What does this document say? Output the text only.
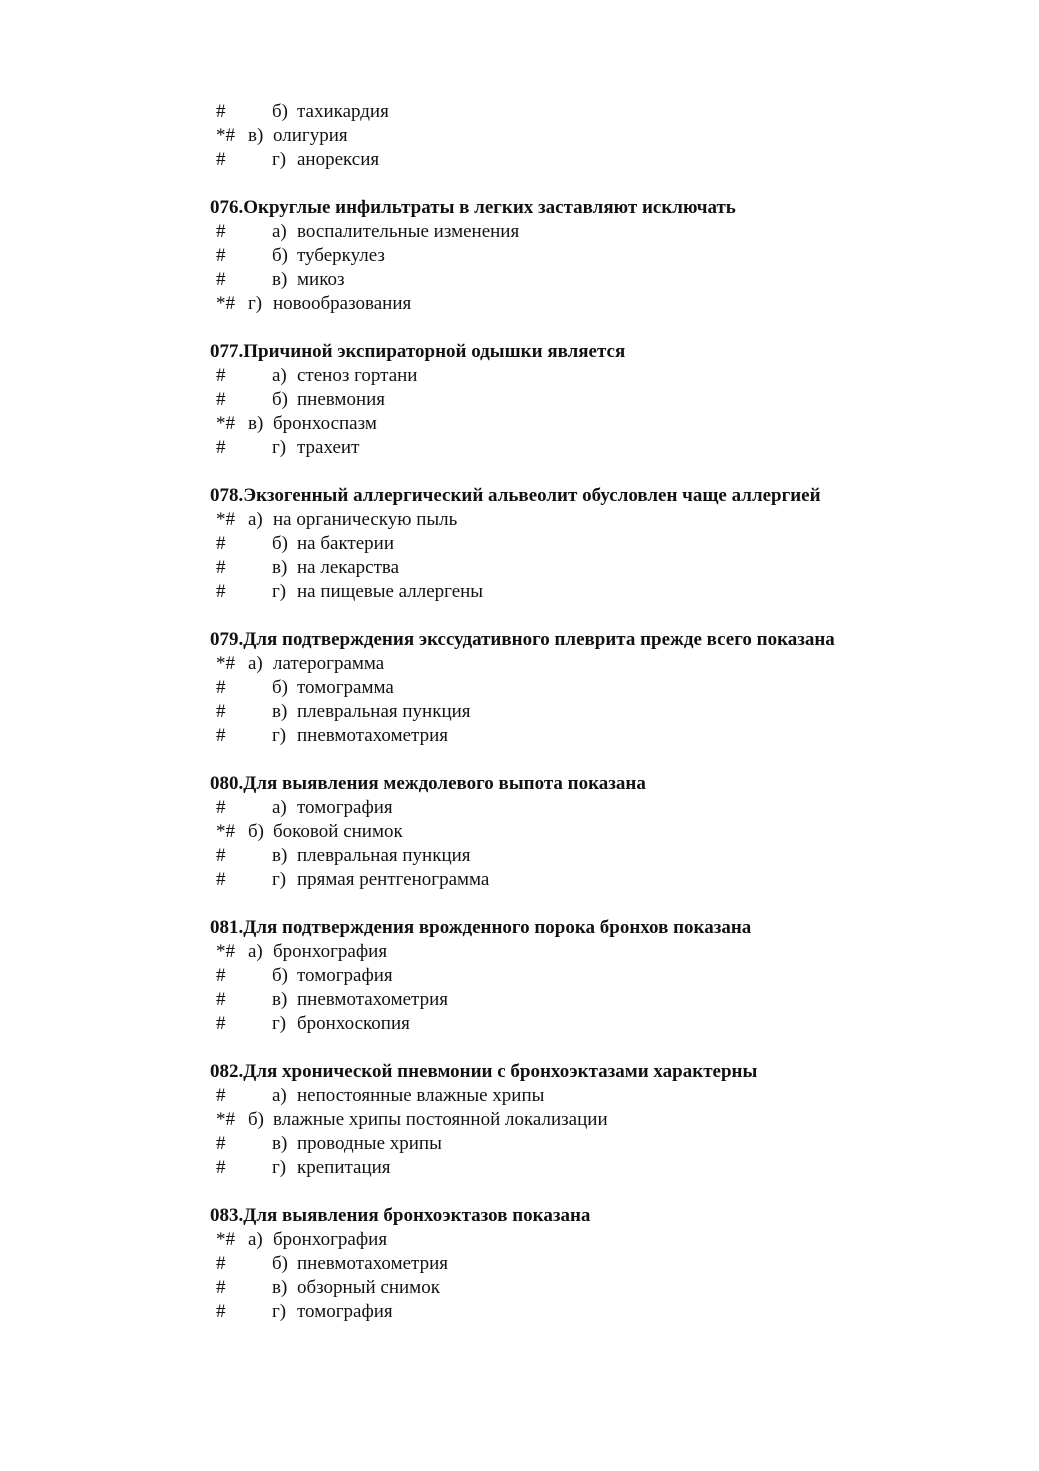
# б) тахикардия
*# в) олигурия
# г) анорексия
076.Округлые инфильтраты в легких заставляют исключать
# а) воспалительные изменения
# б) туберкулез
# в) микоз
*# г) новообразования
077.Причиной экспираторной одышки является
# а) стеноз гортани
# б) пневмония
*# в) бронхоспазм
# г) трахеит
078.Экзогенный аллергический альвеолит обусловлен чаще аллергией
*# а) на органическую пыль
# б) на бактерии
# в) на лекарства
# г) на пищевые аллергены
079.Для подтверждения экссудативного плеврита прежде всего показана
*# а) латерограмма
# б) томограмма
# в) плевральная пункция
# г) пневмотахометрия
080.Для выявления междолевого выпота показана
# а) томография
*# б) боковой снимок
# в) плевральная пункция
# г) прямая рентгенограмма
081.Для подтверждения врожденного порока бронхов показана
*# а) бронхография
# б) томография
# в) пневмотахометрия
# г) бронхоскопия
082.Для хронической пневмонии с бронхоэктазами характерны
# а) непостоянные влажные хрипы
*# б) влажные хрипы постоянной локализации
# в) проводные хрипы
# г) крепитация
083.Для выявления бронхоэктазов показана
*# а) бронхография
# б) пневмотахометрия
# в) обзорный снимок
# г) томография
